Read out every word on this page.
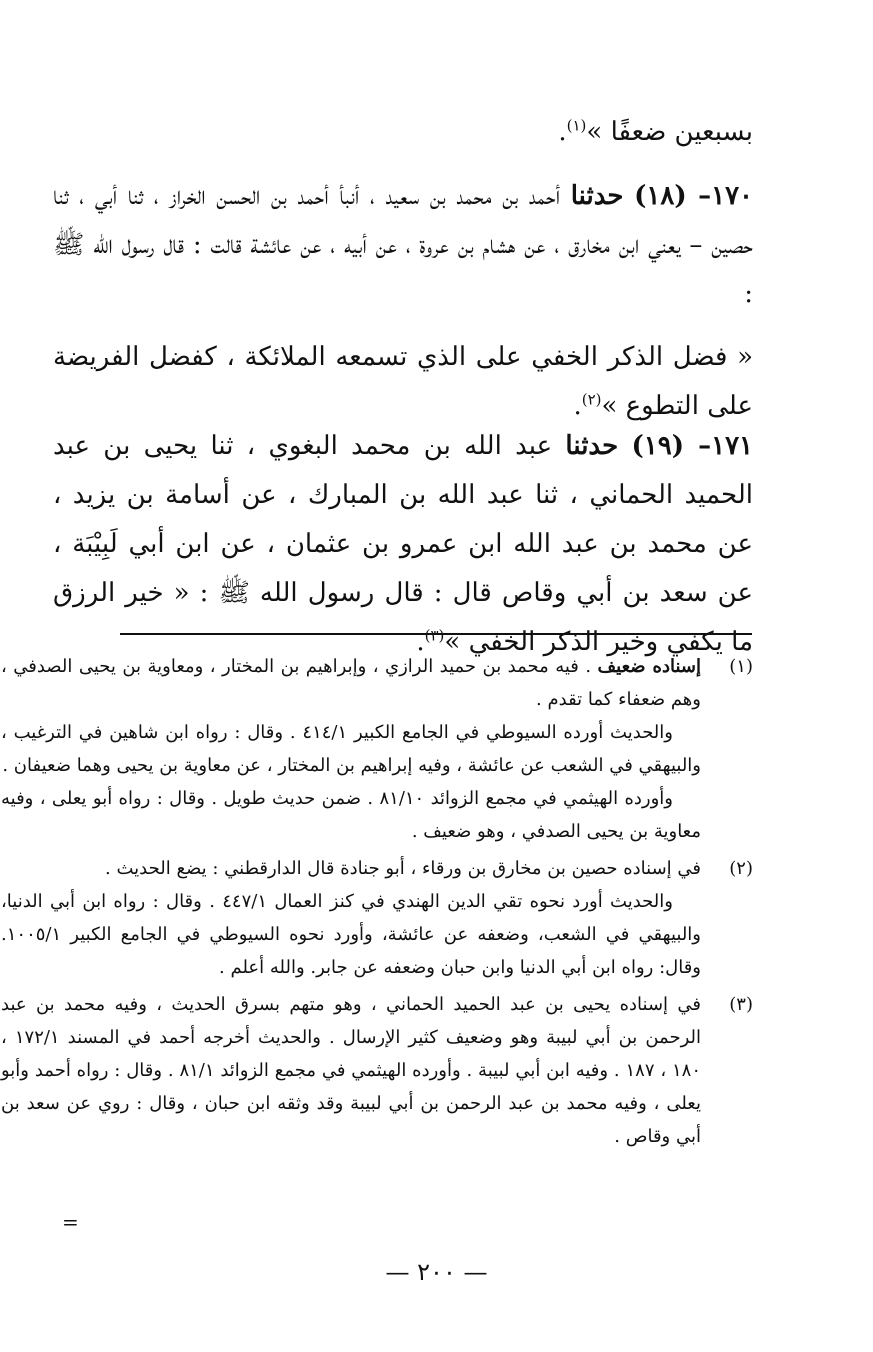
بسبعين ضعفًا »$^{(١)}$.

١٧٠– (١٨) حدثنا أحمد بن محمد بن سعيد ، أنبأ أحمد بن الحسن الخراز ، ثنا أبي ، ثنا حصين – يعني ابن مخارق ، عن هشام بن عروة ، عن أبيه ، عن عائشة قالت : قال رسول الله ﷺ :

« فضل الذكر الخفي على الذي تسمعه الملائكة ، كفضل الفريضة على التطوع »$^{(٢)}$.

١٧١– (١٩) حدثنا عبد الله بن محمد البغوي ، ثنا يحيى بن عبد الحميد الحماني ، ثنا عبد الله بن المبارك ، عن أسامة بن يزيد ، عن محمد بن عبد الله ابن عمرو بن عثمان ، عن ابن أبي لَبِيْبَة ، عن سعد بن أبي وقاص قال : قال رسول الله ﷺ : « خير الرزق ما يكفي وخير الذكر الخفي »$^{(٣)}$.

(١)

إسناده ضعيف . فيه محمد بن حميد الرازي ، وإبراهيم بن المختار ، ومعاوية بن يحيى الصدفي ، وهم ضعفاء كما تقدم .

والحديث أورده السيوطي في الجامع الكبير ٤١٤/١ . وقال : رواه ابن شاهين في الترغيب ، والبيهقي في الشعب عن عائشة ، وفيه إبراهيم بن المختار ، عن معاوية بن يحيى وهما ضعيفان .

وأورده الهيثمي في مجمع الزوائد ٨١/١٠ . ضمن حديث طويل . وقال : رواه أبو يعلى ، وفيه معاوية بن يحيى الصدفي ، وهو ضعيف .

(٢)

في إسناده حصين بن مخارق بن ورقاء ، أبو جنادة قال الدارقطني : يضع الحديث .

والحديث أورد نحوه تقي الدين الهندي في كنز العمال ٤٤٧/١ . وقال : رواه ابن أبي الدنيا، والبيهقي في الشعب، وضعفه عن عائشة، وأورد نحوه السيوطي في الجامع الكبير ١٠٠٥/١. وقال: رواه ابن أبي الدنيا وابن حبان وضعفه عن جابر. والله أعلم .

(٣)

في إسناده يحيى بن عبد الحميد الحماني ، وهو متهم بسرق الحديث ، وفيه محمد بن عبد الرحمن بن أبي لبيبة وهو وضعيف كثير الإرسال . والحديث أخرجه أحمد في المسند ١٧٢/١ ، ١٨٠ ، ١٨٧ . وفيه ابن أبي لبيبة . وأورده الهيثمي في مجمع الزوائد ٨١/١ . وقال : رواه أحمد وأبو يعلى ، وفيه محمد بن عبد الرحمن بن أبي لبيبة وقد وثقه ابن حبان ، وقال : روي عن سعد بن أبي وقاص .

=
— ٢٠٠ —
